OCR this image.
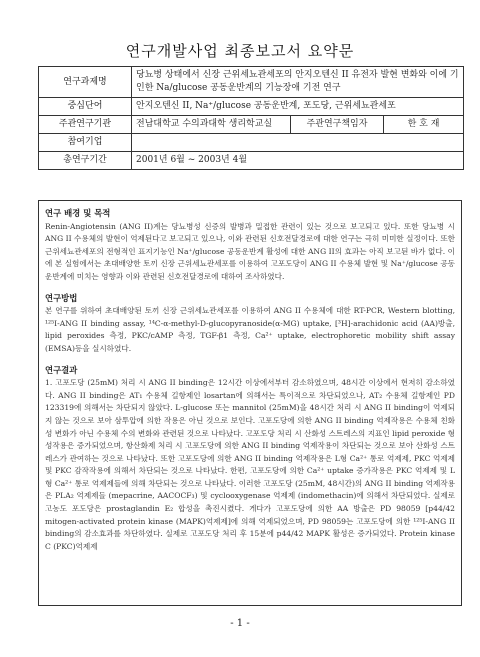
연구개발사업 최종보고서 요약문
연구과제명	당뇨병 상태에서 신장 근위세뇨관세포의 안지오텐신 II 유전자 발현 변화와 이에 기인한 Na/glucose 공동운반계의 기능장애 기전 연구		
중심단어	안지오텐신 II, Na⁺/glucose 공동운반계, 포도당, 근위세뇨관세포		
주관연구기관	전남대학교 수의과대학 생리학교실	주관연구책임자	한 호 재
참여기업			
총연구기간	2001년 6월 ~ 2003년 4월		
연구 배경 및 목적

Renin-Angiotensin (ANG II)계는 당뇨병성 신증의 발병과 밀접한 관련이 있는 것으로 보고되고 있다. 또한 당뇨병 시 ANG II 수용체의 발현이 억제된다고 보고되고 있으나, 이와 관련된 신호전달경로에 대한 연구는 극히 미미한 실정이다. 또한 근위세뇨관세포의 전형적인 표지기능인 Na⁺/glucose 공동운반계 활성에 대한 ANG II의 효과는 아직 보고된 바가 없다. 이에 본 실험에서는 초대배양한 토끼 신장 근위세뇨관세포를 이용하여 고포도당이 ANG II 수용체 발현 및 Na⁺/glucose 공동운반계에 미치는 영향과 이와 관련된 신호전달경로에 대하여 조사하였다.

연구방법

본 연구를 위하여 초대배양된 토끼 신장 근위세뇨관세포를 이용하여 ANG II 수용체에 대한 RT-PCR, Western blotting, ¹²⁵I-ANG II binding assay, ¹⁴C-α-methyl-D-glucopyranoside(α-MG) uptake, [³H]-arachidonic acid (AA)방출, lipid peroxides 측정, PKC/cAMP 측정, TGF-β1 측정, Ca²⁺ uptake, electrophoretic mobility shift assay (EMSA)등을 실시하였다.

연구결과

1. 고포도당 (25mM) 처리 시 ANG II binding은 12시간 이상에서부터 감소하였으며, 48시간 이상에서 현저히 감소하였다. ANG II binding은 AT₁ 수용체 길항제인 losartan에 의해서는 특이적으로 차단되었으나, AT₂ 수용체 길항제인 PD 123319에 의해서는 차단되지 않았다. L-glucose 또는 mannitol (25mM)을 48시간 처리 시 ANG II binding이 억제되지 않는 것으로 보아 삼투압에 의한 작용은 아닌 것으로 보인다. 고포도당에 의한 ANG II binding 억제작용은 수용체 친화성 변화가 아닌 수용체 수의 변화와 관련된 것으로 나타났다. 고포도당 처리 시 산화성 스트레스의 지표인 lipid peroxide 형성작용은 증가되었으며, 항산화제 처리 시 고포도당에 의한 ANG II binding 억제작용이 차단되는 것으로 보아 산화성 스트레스가 관여하는 것으로 나타났다. 또한 고포도당에 의한 ANG II binding 억제작용은 L형 Ca²⁺ 통로 억제제, PKC 억제제 및 PKC 감작작용에 의해서 차단되는 것으로 나타났다. 한편, 고포도당에 의한 Ca²⁺ uptake 증가작용은 PKC 억제제 및 L형 Ca²⁺ 통로 억제제들에 의해 차단되는 것으로 나타났다. 이러한 고포도당 (25mM, 48시간)의 ANG II binding 억제작용은 PLA₂ 억제제들 (mepacrine, AACOCF₃) 및 cyclooxygenase 억제제 (indomethacin)에 의해서 차단되었다. 실제로 고농도 포도당은 prostaglandin E₂ 합성을 촉진시켰다. 게다가 고포도당에 의한 AA 방출은 PD 98059 [p44/42 mitogen-activated protein kinase (MAPK)억제제]에 의해 억제되었으며, PD 98059는 고포도당에 의한 ¹²⁵I-ANG II binding의 감소효과를 차단하였다. 실제로 고포도당 처리 후 15분에 p44/42 MAPK 활성은 증가되었다. Protein kinase C (PKC)억제제

- 1 -
